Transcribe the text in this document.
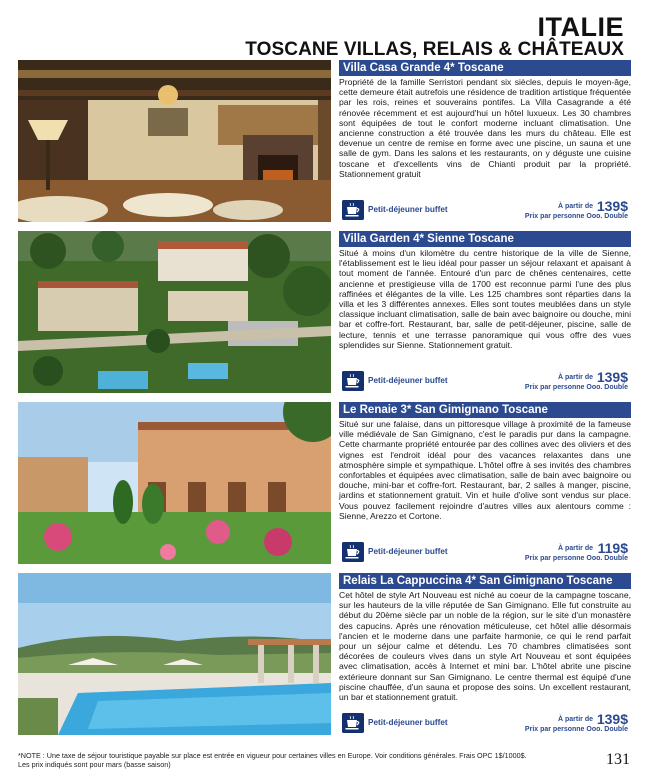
ITALIE
TOSCANE VILLAS, RELAIS & CHÂTEAUX
Villa Casa Grande 4* Toscane
Propriété de la famille Serristori pendant six siècles, depuis le moyen-âge, cette demeure était autrefois une résidence de tradition artistique fréquentée par les rois, reines et souverains pontifes. La Villa Casagrande a été rénovée récemment et est aujourd'hui un hôtel luxueux. Les 30 chambres sont équipées de tout le confort moderne incluant climatisation. Une ancienne construction a été trouvée dans les murs du château. Elle est devenue un centre de remise en forme avec une piscine, un sauna et une salle de gym. Dans les salons et les restaurants, on y déguste une cuisine toscane et d'excellents vins de Chianti produit par la propriété. Stationnement gratuit
Petit-déjeuner buffet	À partir de 139$
Prix par personne Ooo. Double
Villa Garden 4* Sienne Toscane
Situé à moins d'un kilomètre du centre historique de la ville de Sienne, l'établissement est le lieu idéal pour passer un séjour relaxant et apaisant à tout moment de l'année. Entouré d'un parc de chênes centenaires, cette ancienne et prestigieuse villa de 1700 est reconnue parmi l'une des plus raffinées et élégantes de la ville. Les 125 chambres sont réparties dans la villa et les 3 différentes annexes. Elles sont toutes meublées dans un style classique incluant climatisation, salle de bain avec baignoire ou douche, mini bar et coffre-fort. Restaurant, bar, salle de petit-déjeuner, piscine, salle de lecture, tennis et une terrasse panoramique qui vous offre des vues splendides sur Sienne. Stationnement gratuit.
Petit-déjeuner buffet	À partir de 139$
Prix par personne Ooo. Double
Le Renaie 3* San Gimignano Toscane
Situé sur une falaise, dans un pittoresque village à proximité de la fameuse ville médiévale de San Gimignano, c'est le paradis pur dans la campagne. Cette charmante propriété entourée par des collines avec des oliviers et des vignes est l'endroit idéal pour des vacances relaxantes dans une atmosphère simple et sympathique. L'hôtel offre à ses invités des chambres confortables et équipées avec climatisation, salle de bain avec baignoire ou douche, mini-bar et coffre-fort. Restaurant, bar, 2 salles à manger, piscine, jardins et stationnement gratuit. Vin et huile d'olive sont vendus sur place. Vous pouvez facilement rejoindre d'autres villes aux alentours comme : Sienne, Arezzo et Cortone.
Petit-déjeuner buffet	À partir de 119$
Prix par personne Ooo. Double
Relais La Cappuccina 4* San Gimignano Toscane
Cet hôtel de style Art Nouveau est niché au coeur de la campagne toscane, sur les hauteurs de la ville réputée de San Gimignano. Elle fut construite au début du 20ème siècle par un noble de la région, sur le site d'un monastère des capucins. Après une rénovation méticuleuse, cet hôtel allie désormais l'ancien et le moderne dans une parfaite harmonie, ce qui le rend parfait pour un séjour calme et détendu. Les 70 chambres climatisées sont décorées de couleurs vives dans un style Art Nouveau et sont équipées avec climatisation, accès à Internet et mini bar. L'hôtel abrite une piscine extérieure donnant sur San Gimignano. Le centre thermal est équipé d'une piscine chauffée, d'un sauna et propose des soins. Un excellent restaurant, un bar et stationnement gratuit.
Petit-déjeuner buffet	À partir de 139$
Prix par personne Ooo. Double
*NOTE : Une taxe de séjour touristique payable sur place est entrée en vigueur pour certaines villes en Europe. Voir conditions générales. Frais OPC 1$/1000$.
Les prix indiqués sont pour mars (basse saison)	131
